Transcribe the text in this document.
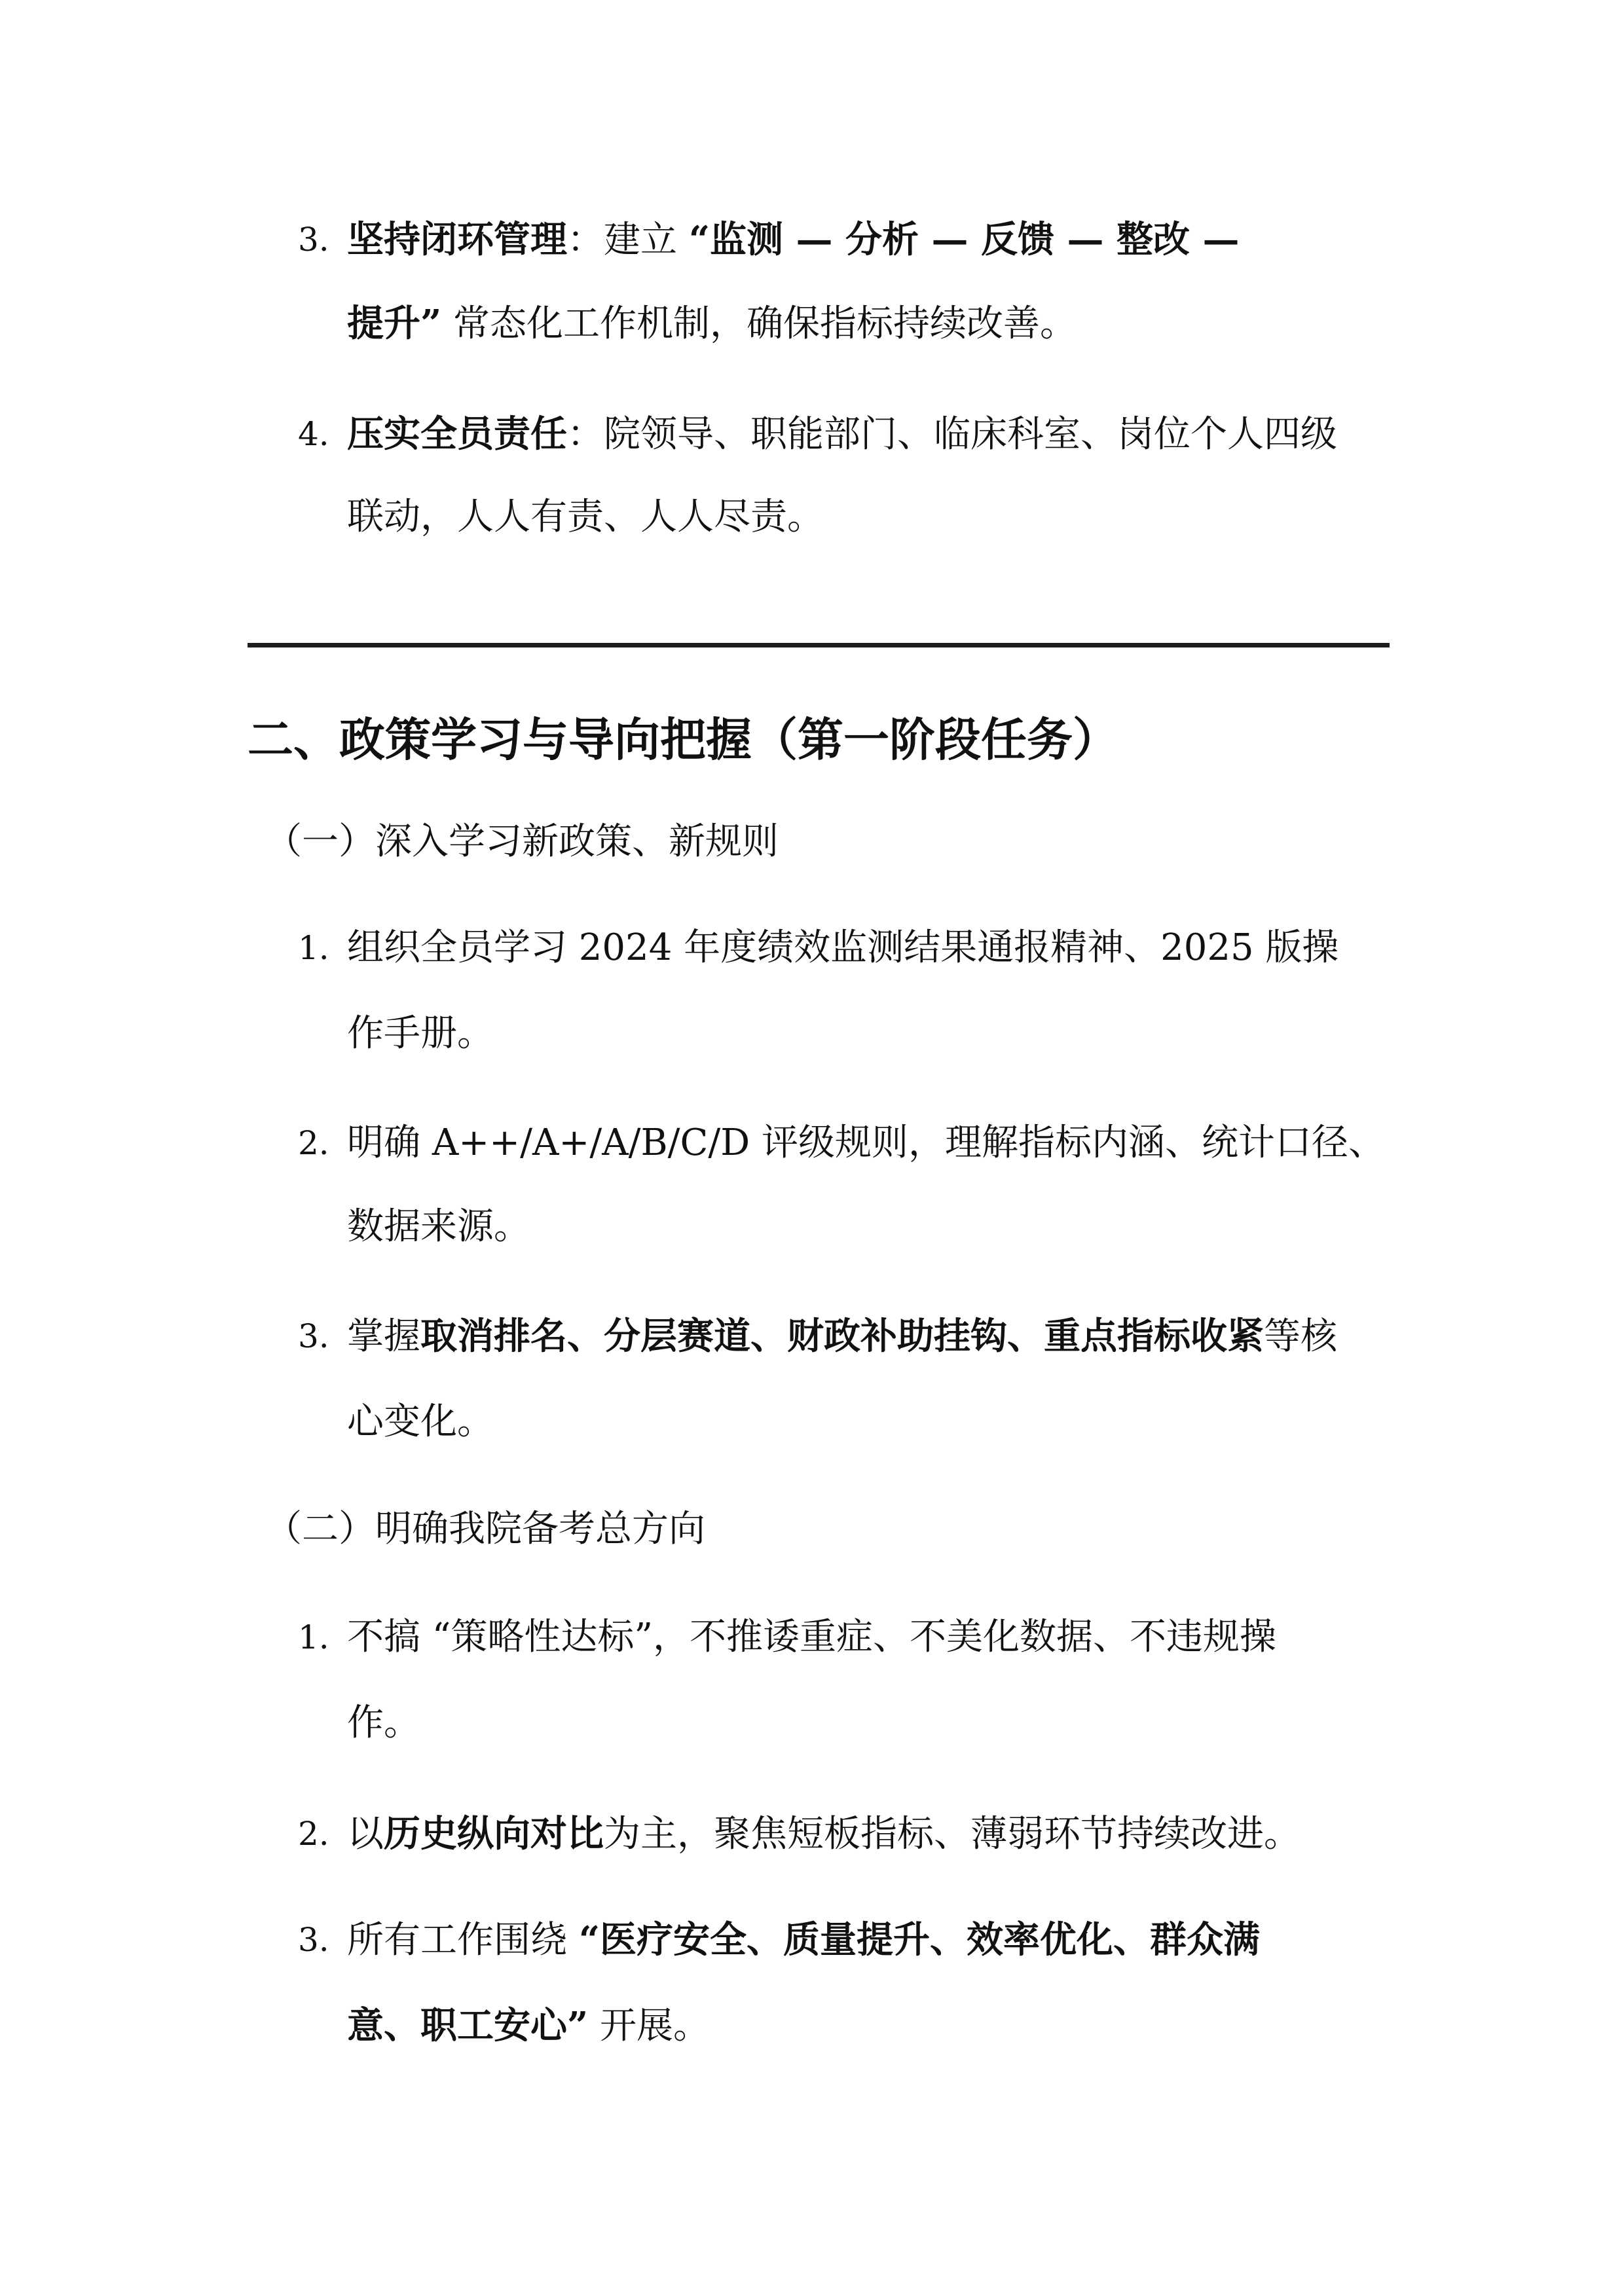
3. 坚持闭环管理：建立 “监测 — 分析 — 反馈 — 整改 —
提升” 常态化工作机制，确保指标持续改善。
4. 压实全员责任：院领导、职能部门、临床科室、岗位个人四级
联动，人人有责、人人尽责。
二、政策学习与导向把握（第一阶段任务）
（一）深入学习新政策、新规则
1. 组织全员学习 2024 年度绩效监测结果通报精神、2025 版操
作手册。
2. 明确 A++/A+/A/B/C/D 评级规则，理解指标内涵、统计口径、
数据来源。
3. 掌握取消排名、分层赛道、财政补助挂钩、重点指标收紧等核
心变化。
（二）明确我院备考总方向
1. 不搞 “策略性达标”，不推诿重症、不美化数据、不违规操
作。
2. 以历史纵向对比为主，聚焦短板指标、薄弱环节持续改进。
3. 所有工作围绕 “医疗安全、质量提升、效率优化、群众满
意、职工安心” 开展。
